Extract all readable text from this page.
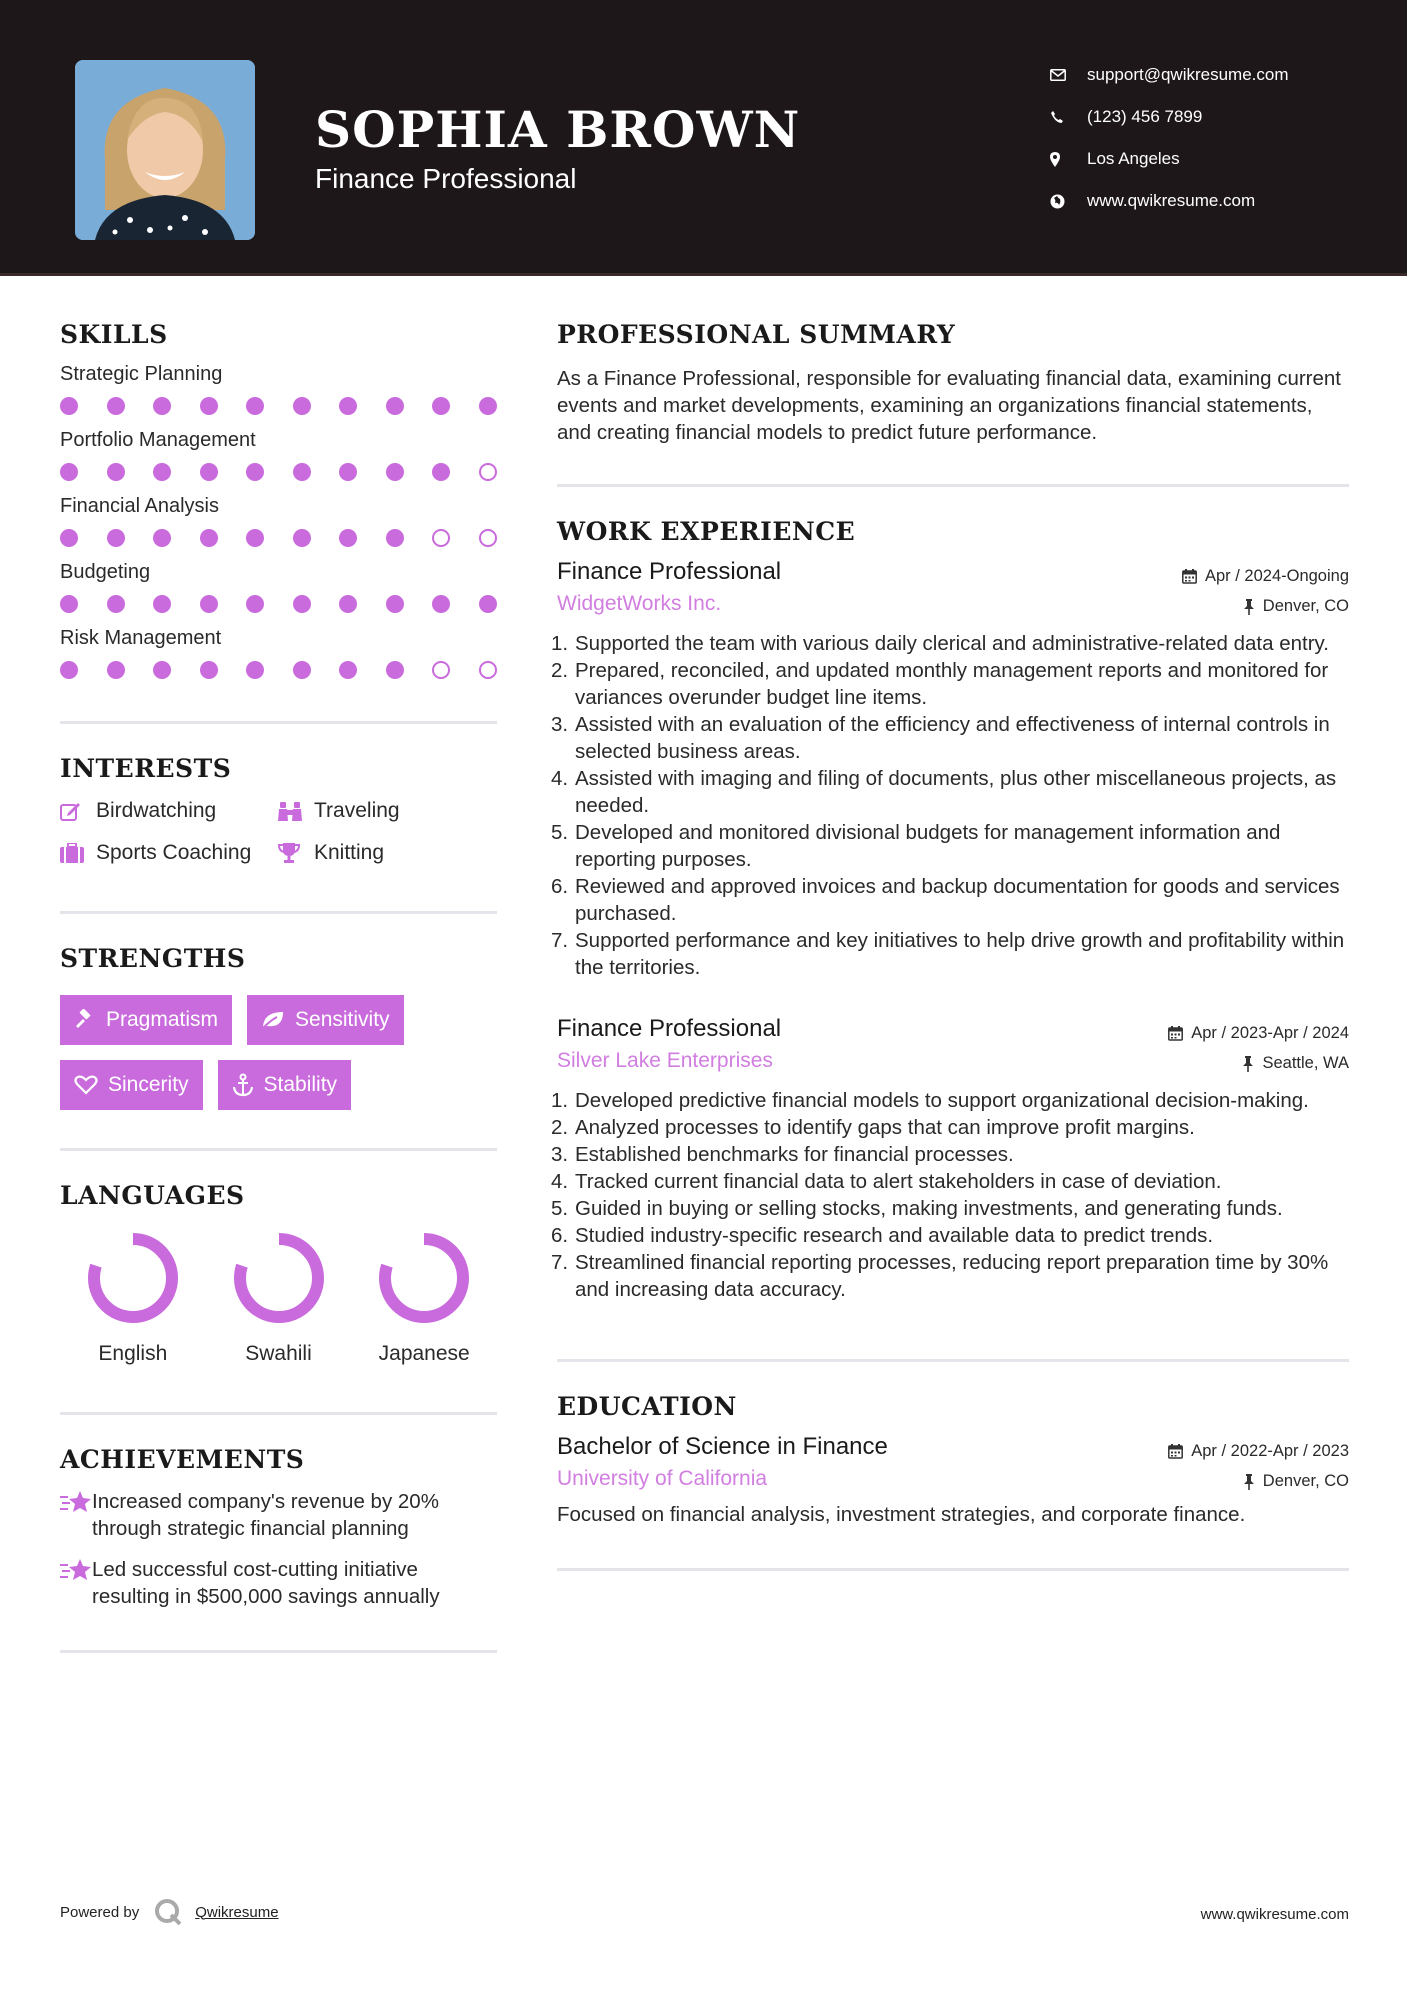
SOPHIA BROWN
Finance Professional
support@qwikresume.com
(123) 456 7899
Los Angeles
www.qwikresume.com
SKILLS
Strategic Planning
Portfolio Management
Financial Analysis
Budgeting
Risk Management
INTERESTS
Birdwatching	Traveling
Sports Coaching	Knitting
STRENGTHS
Pragmatism	Sensitivity
Sincerity	Stability
LANGUAGES
English	Swahili	Japanese
ACHIEVEMENTS
Increased company's revenue by 20% through strategic financial planning
Led successful cost-cutting initiative resulting in $500,000 savings annually
PROFESSIONAL SUMMARY
As a Finance Professional, responsible for evaluating financial data, examining current events and market developments, examining an organizations financial statements, and creating financial models to predict future performance.
WORK EXPERIENCE
Finance Professional	Apr / 2024-Ongoing
WidgetWorks Inc.	Denver, CO
1. Supported the team with various daily clerical and administrative-related data entry.
2. Prepared, reconciled, and updated monthly management reports and monitored for variances overunder budget line items.
3. Assisted with an evaluation of the efficiency and effectiveness of internal controls in selected business areas.
4. Assisted with imaging and filing of documents, plus other miscellaneous projects, as needed.
5. Developed and monitored divisional budgets for management information and reporting purposes.
6. Reviewed and approved invoices and backup documentation for goods and services purchased.
7. Supported performance and key initiatives to help drive growth and profitability within the territories.
Finance Professional	Apr / 2023-Apr / 2024
Silver Lake Enterprises	Seattle, WA
1. Developed predictive financial models to support organizational decision-making.
2. Analyzed processes to identify gaps that can improve profit margins.
3. Established benchmarks for financial processes.
4. Tracked current financial data to alert stakeholders in case of deviation.
5. Guided in buying or selling stocks, making investments, and generating funds.
6. Studied industry-specific research and available data to predict trends.
7. Streamlined financial reporting processes, reducing report preparation time by 30% and increasing data accuracy.
EDUCATION
Bachelor of Science in Finance	Apr / 2022-Apr / 2023
University of California	Denver, CO
Focused on financial analysis, investment strategies, and corporate finance.
Powered by	Qwikresume	www.qwikresume.com
